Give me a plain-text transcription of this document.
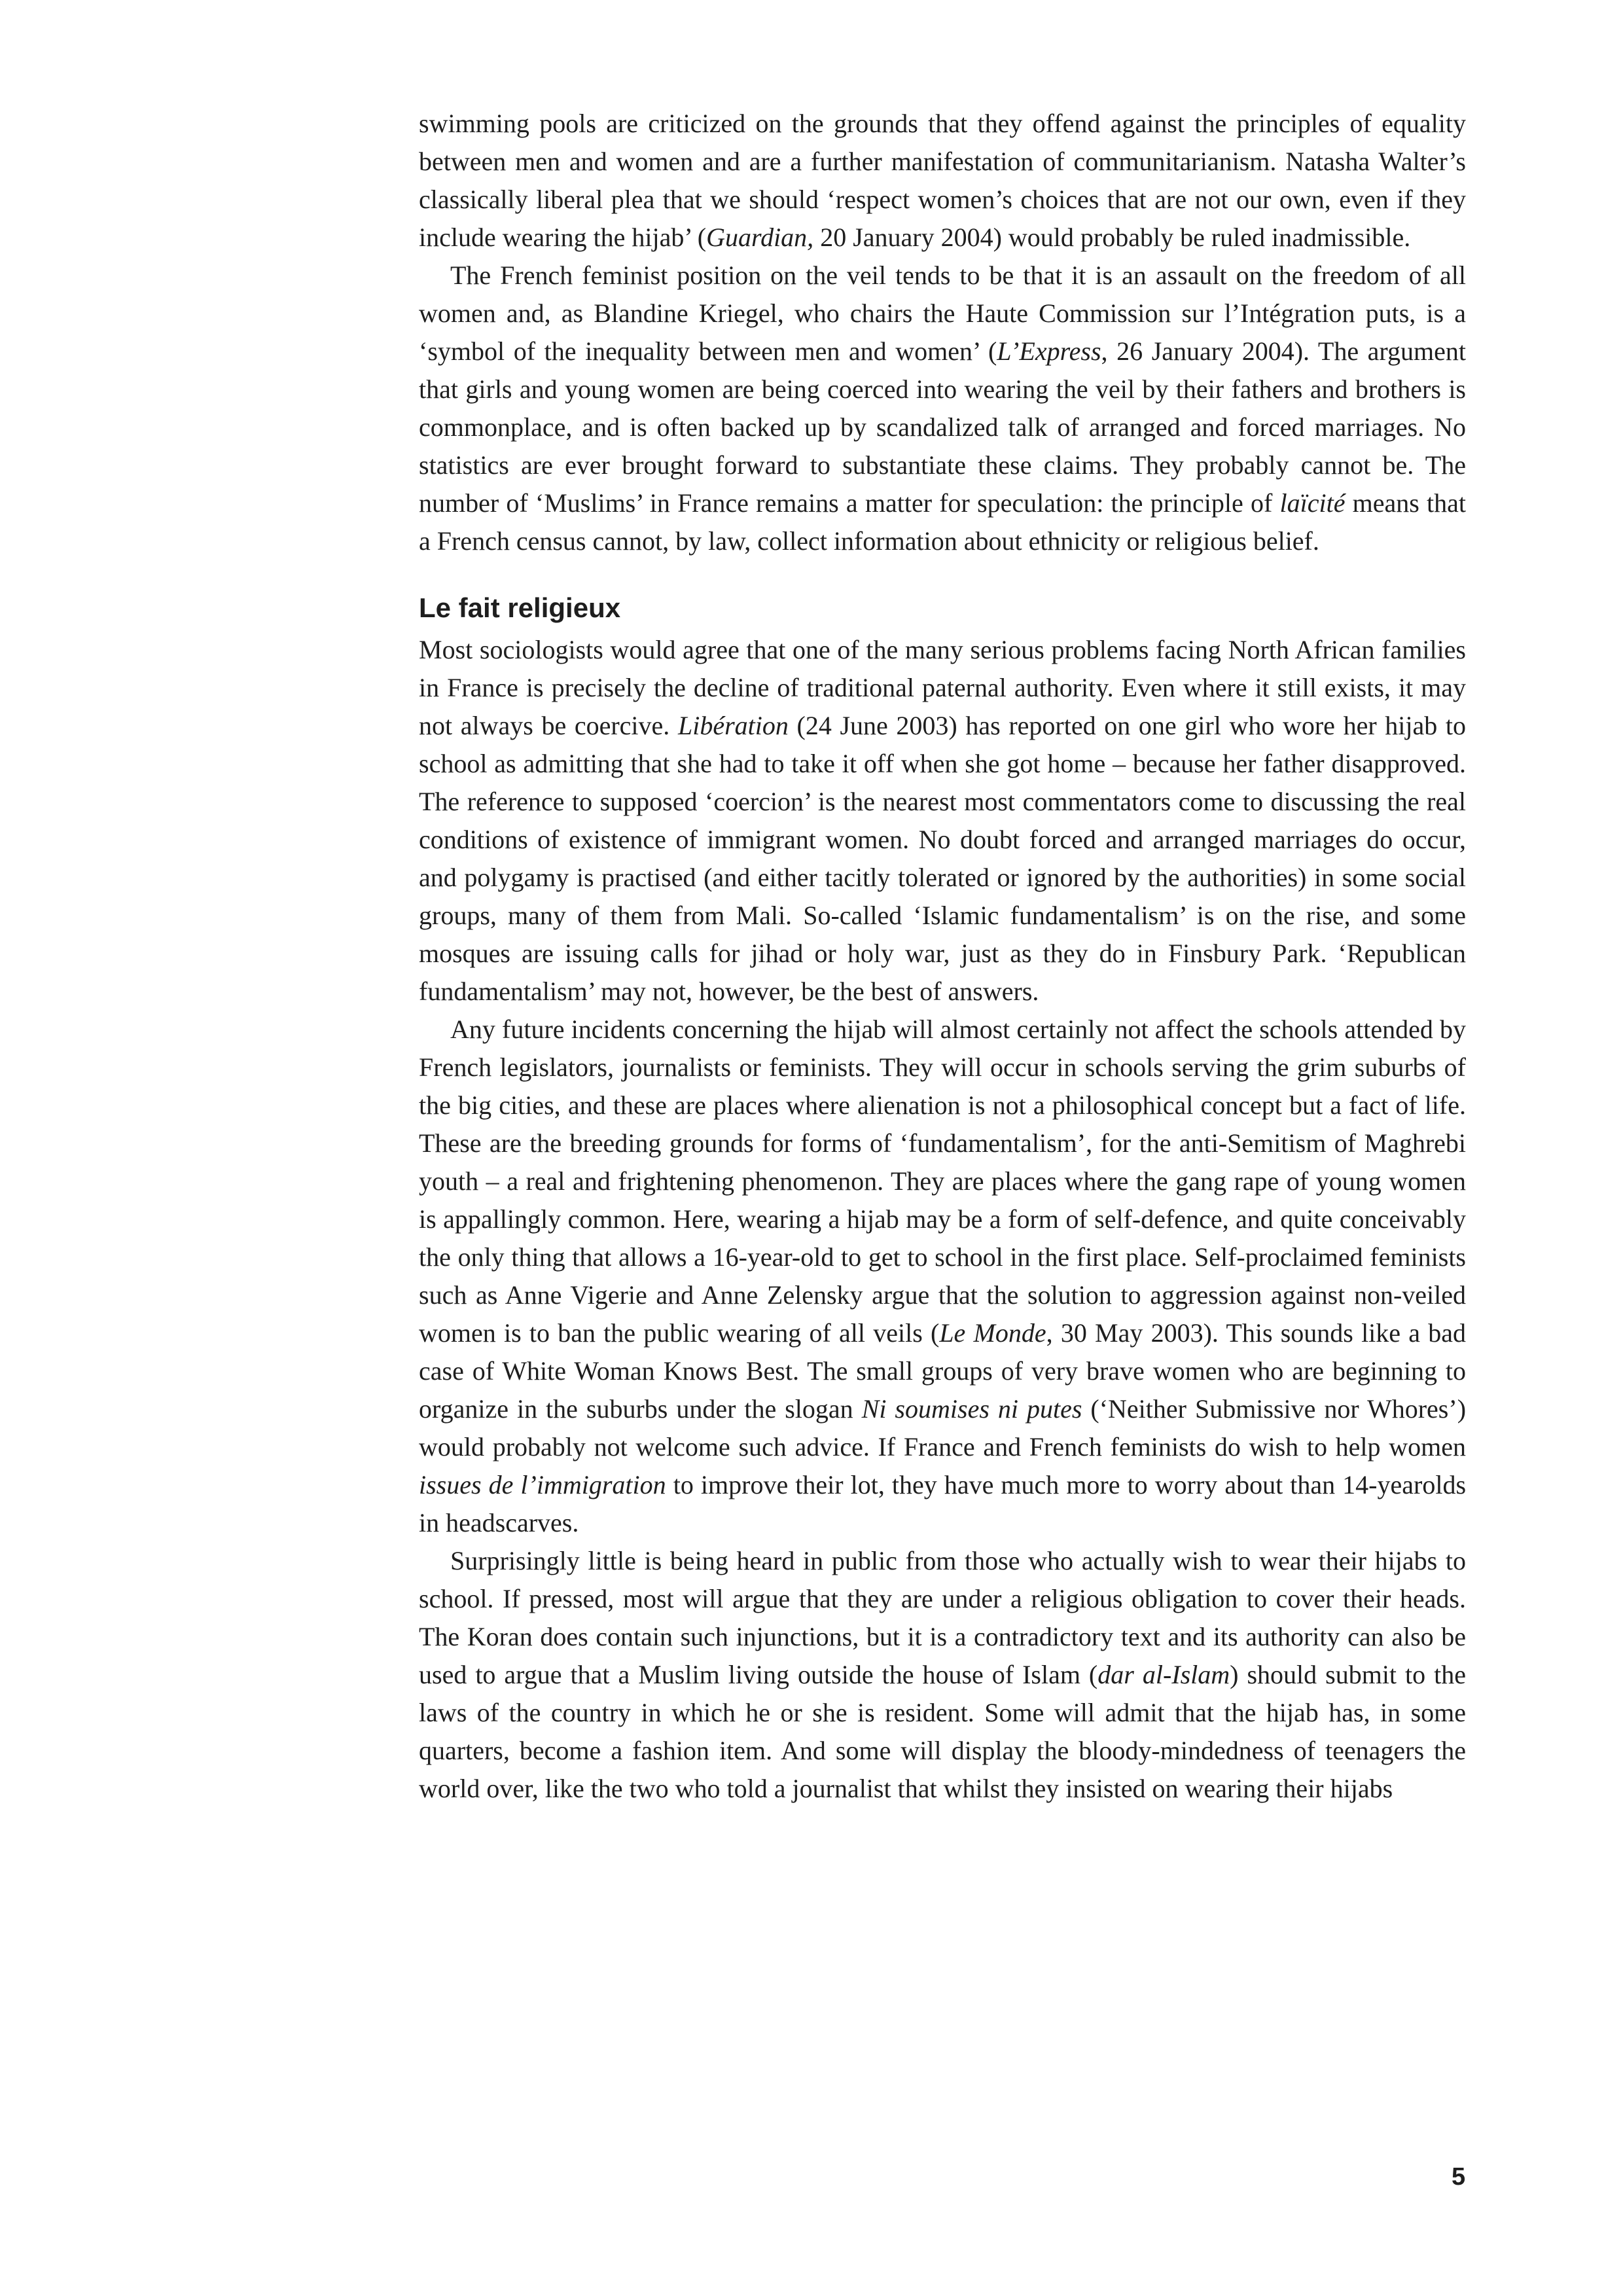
swimming pools are criticized on the grounds that they offend against the principles of equality between men and women and are a further manifestation of communitarianism. Natasha Walter’s classically liberal plea that we should ‘respect women’s choices that are not our own, even if they include wearing the hijab’ (Guardian, 20 January 2004) would probably be ruled inadmissible.

The French feminist position on the veil tends to be that it is an assault on the freedom of all women and, as Blandine Kriegel, who chairs the Haute Commission sur l’Intégration puts, is a ‘symbol of the inequality between men and women’ (L’Express, 26 January 2004). The argument that girls and young women are being coerced into wearing the veil by their fathers and brothers is commonplace, and is often backed up by scandalized talk of arranged and forced marriages. No statistics are ever brought forward to substantiate these claims. They probably cannot be. The number of ‘Muslims’ in France remains a matter for speculation: the principle of laïcité means that a French census cannot, by law, collect information about ethnicity or religious belief.

Le fait religieux

Most sociologists would agree that one of the many serious problems facing North African families in France is precisely the decline of traditional paternal authority. Even where it still exists, it may not always be coercive. Libération (24 June 2003) has reported on one girl who wore her hijab to school as admitting that she had to take it off when she got home – because her father disapproved. The reference to supposed ‘coercion’ is the nearest most commentators come to discussing the real conditions of existence of immigrant women. No doubt forced and arranged marriages do occur, and polygamy is practised (and either tacitly tolerated or ignored by the authorities) in some social groups, many of them from Mali. So-called ‘Islamic fundamentalism’ is on the rise, and some mosques are issuing calls for jihad or holy war, just as they do in Finsbury Park. ‘Republican fundamentalism’ may not, however, be the best of answers.

Any future incidents concerning the hijab will almost certainly not affect the schools attended by French legislators, journalists or feminists. They will occur in schools serving the grim suburbs of the big cities, and these are places where alienation is not a philosophical concept but a fact of life. These are the breeding grounds for forms of ‘fundamentalism’, for the anti-Semitism of Maghrebi youth – a real and frightening phenomenon. They are places where the gang rape of young women is appallingly common. Here, wearing a hijab may be a form of self-defence, and quite conceivably the only thing that allows a 16-year-old to get to school in the first place. Self-proclaimed feminists such as Anne Vigerie and Anne Zelensky argue that the solution to aggression against non-veiled women is to ban the public wearing of all veils (Le Monde, 30 May 2003). This sounds like a bad case of White Woman Knows Best. The small groups of very brave women who are beginning to organize in the suburbs under the slogan Ni soumises ni putes (‘Neither Submissive nor Whores’) would probably not welcome such advice. If France and French feminists do wish to help women issues de l’immigration to improve their lot, they have much more to worry about than 14-yearolds in headscarves.

Surprisingly little is being heard in public from those who actually wish to wear their hijabs to school. If pressed, most will argue that they are under a religious obligation to cover their heads. The Koran does contain such injunctions, but it is a contradictory text and its authority can also be used to argue that a Muslim living outside the house of Islam (dar al-Islam) should submit to the laws of the country in which he or she is resident. Some will admit that the hijab has, in some quarters, become a fashion item. And some will display the bloody-mindedness of teenagers the world over, like the two who told a journalist that whilst they insisted on wearing their hijabs

5
